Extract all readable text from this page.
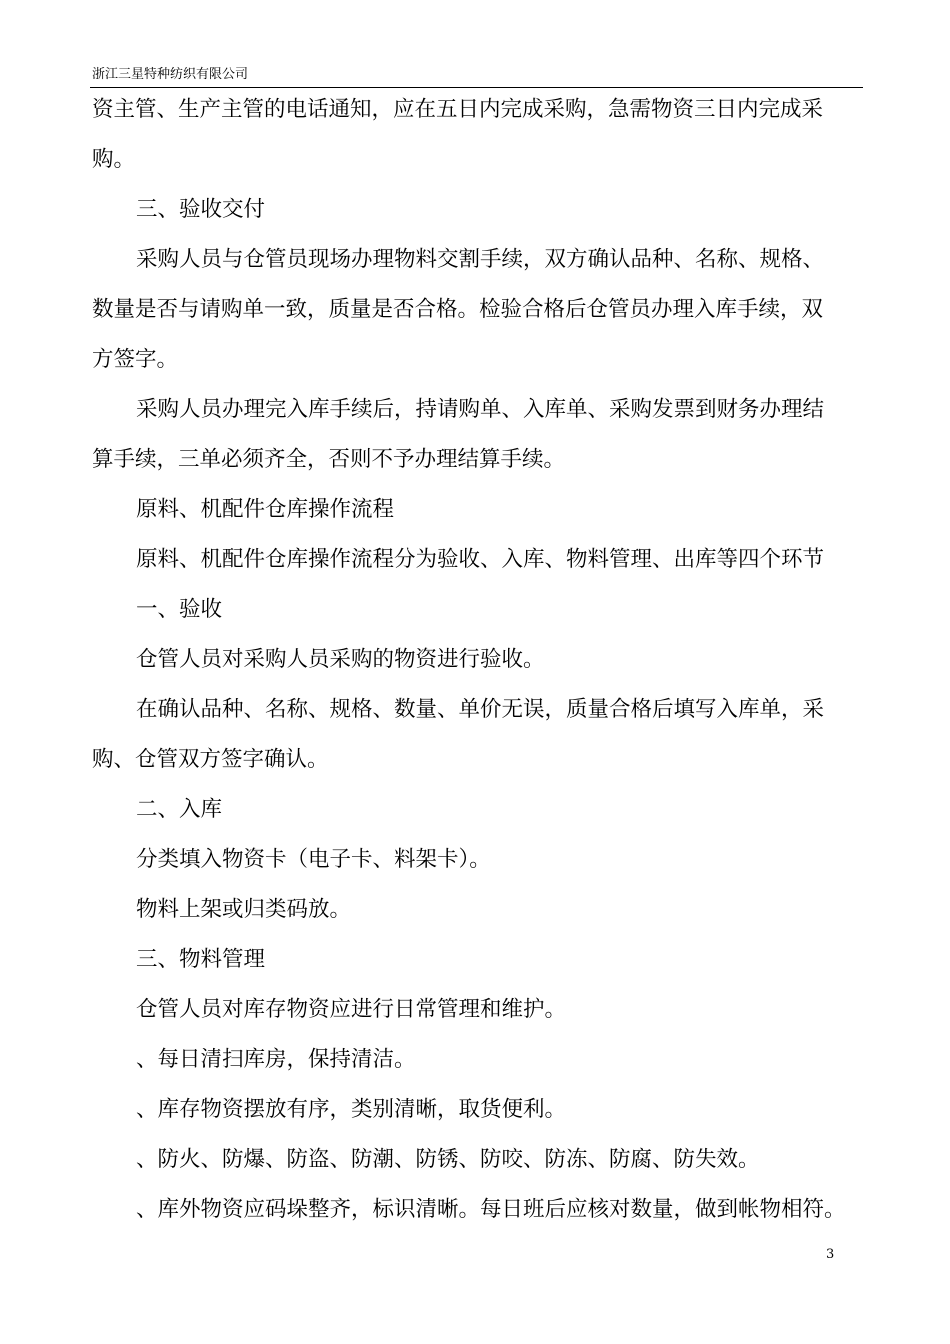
浙江三星特种纺织有限公司
资主管、生产主管的电话通知，应在五日内完成采购，急需物资三日内完成采
购。
三、验收交付
采购人员与仓管员现场办理物料交割手续，双方确认品种、名称、规格、
数量是否与请购单一致，质量是否合格。检验合格后仓管员办理入库手续，双
方签字。
采购人员办理完入库手续后，持请购单、入库单、采购发票到财务办理结
算手续，三单必须齐全，否则不予办理结算手续。
原料、机配件仓库操作流程
原料、机配件仓库操作流程分为验收、入库、物料管理、出库等四个环节
一、验收
仓管人员对采购人员采购的物资进行验收。
在确认品种、名称、规格、数量、单价无误，质量合格后填写入库单，采
购、仓管双方签字确认。
二、入库
分类填入物资卡（电子卡、料架卡）。
物料上架或归类码放。
三、物料管理
仓管人员对库存物资应进行日常管理和维护。
、每日清扫库房，保持清洁。
、库存物资摆放有序，类别清晰，取货便利。
、防火、防爆、防盗、防潮、防锈、防咬、防冻、防腐、防失效。
、库外物资应码垛整齐，标识清晰。每日班后应核对数量，做到帐物相符。
3
